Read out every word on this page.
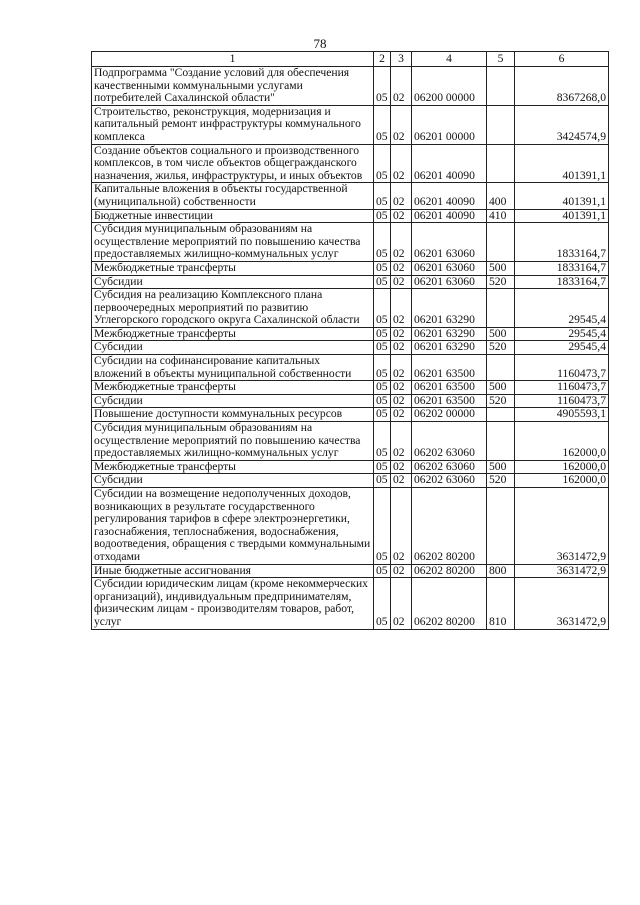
78
1	2	3	4	5	6
Подпрограмма "Создание условий для обеспечения качественными коммунальными услугами потребителей Сахалинской области"	05	02	06200 00000		8367268,0
Строительство, реконструкция, модернизация и капитальный ремонт инфраструктуры коммунального комплекса	05	02	06201 00000		3424574,9
Создание объектов социального и производственного комплексов, в том числе объектов общегражданского назначения, жилья, инфраструктуры, и иных объектов	05	02	06201 40090		401391,1
Капитальные вложения в объекты государственной (муниципальной) собственности	05	02	06201 40090	400	401391,1
Бюджетные инвестиции	05	02	06201 40090	410	401391,1
Субсидия муниципальным образованиям на осуществление мероприятий по повышению качества предоставляемых жилищно-коммунальных услуг	05	02	06201 63060		1833164,7
Межбюджетные трансферты	05	02	06201 63060	500	1833164,7
Субсидии	05	02	06201 63060	520	1833164,7
Субсидия на реализацию Комплексного плана первоочередных мероприятий по развитию Углегорского городского округа Сахалинской области	05	02	06201 63290		29545,4
Межбюджетные трансферты	05	02	06201 63290	500	29545,4
Субсидии	05	02	06201 63290	520	29545,4
Субсидии на софинансирование капитальных вложений в объекты муниципальной собственности	05	02	06201 63500		1160473,7
Межбюджетные трансферты	05	02	06201 63500	500	1160473,7
Субсидии	05	02	06201 63500	520	1160473,7
Повышение доступности коммунальных ресурсов	05	02	06202 00000		4905593,1
Субсидия муниципальным образованиям на осуществление мероприятий по повышению качества предоставляемых жилищно-коммунальных услуг	05	02	06202 63060		162000,0
Межбюджетные трансферты	05	02	06202 63060	500	162000,0
Субсидии	05	02	06202 63060	520	162000,0
Субсидии на возмещение недополученных доходов, возникающих в результате государственного регулирования тарифов в сфере электроэнергетики, газоснабжения, теплоснабжения, водоснабжения, водоотведения, обращения с твердыми коммунальными отходами	05	02	06202 80200		3631472,9
Иные бюджетные ассигнования	05	02	06202 80200	800	3631472,9
Субсидии юридическим лицам (кроме некоммерческих организаций), индивидуальным предпринимателям, физическим лицам - производителям товаров, работ, услуг	05	02	06202 80200	810	3631472,9
